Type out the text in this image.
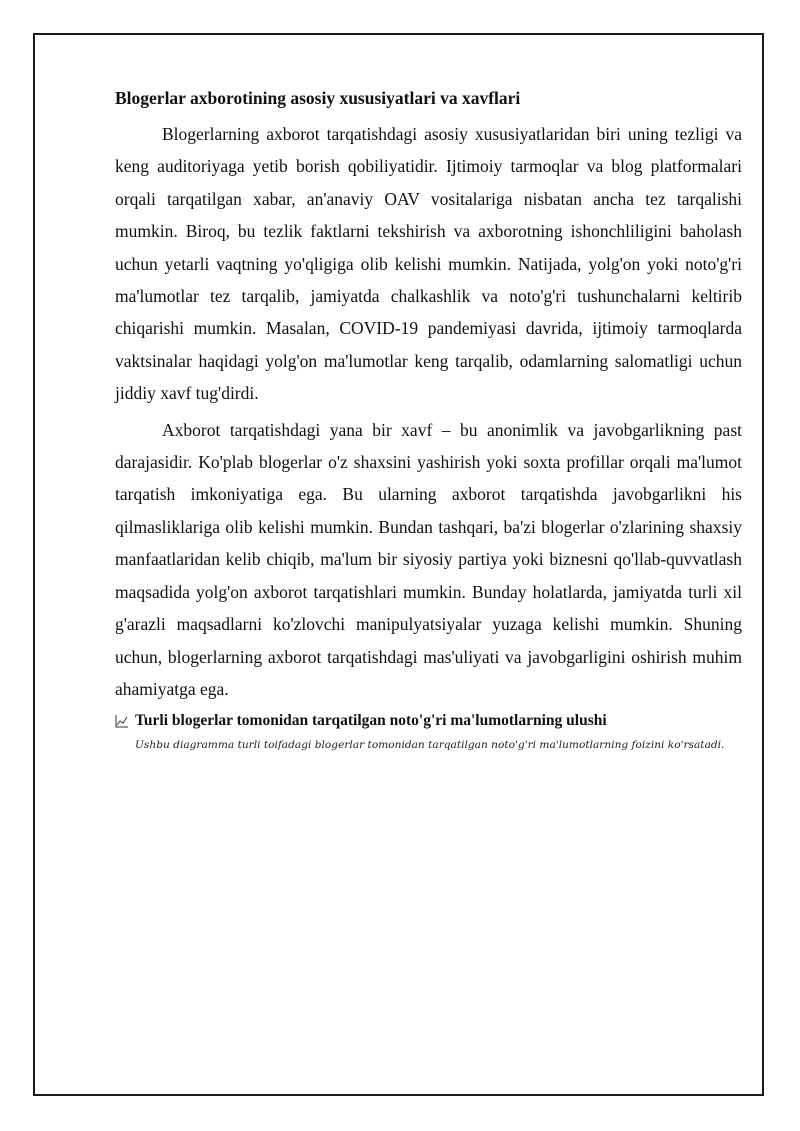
Blogerlar axborotining asosiy xususiyatlari va xavflari

Blogerlarning axborot tarqatishdagi asosiy xususiyatlaridan biri uning tezligi va keng auditoriyaga yetib borish qobiliyatidir. Ijtimoiy tarmoqlar va blog platformalari orqali tarqatilgan xabar, an'anaviy OAV vositalariga nisbatan ancha tez tarqalishi mumkin. Biroq, bu tezlik faktlarni tekshirish va axborotning ishonchliligini baholash uchun yetarli vaqtning yo'qligiga olib kelishi mumkin. Natijada, yolg'on yoki noto'g'ri ma'lumotlar tez tarqalib, jamiyatda chalkashlik va noto'g'ri tushunchalarni keltirib chiqarishi mumkin. Masalan, COVID-19 pandemiyasi davrida, ijtimoiy tarmoqlarda vaktsinalar haqidagi yolg'on ma'lumotlar keng tarqalib, odamlarning salomatligi uchun jiddiy xavf tug'dirdi.

Axborot tarqatishdagi yana bir xavf – bu anonimlik va javobgarlikning past darajasidir. Ko'plab blogerlar o'z shaxsini yashirish yoki soxta profillar orqali ma'lumot tarqatish imkoniyatiga ega. Bu ularning axborot tarqatishda javobgarlikni his qilmasliklariga olib kelishi mumkin. Bundan tashqari, ba'zi blogerlar o'zlarining shaxsiy manfaatlaridan kelib chiqib, ma'lum bir siyosiy partiya yoki biznesni qo'llab-quvvatlash maqsadida yolg'on axborot tarqatishlari mumkin. Bunday holatlarda, jamiyatda turli xil g'arazli maqsadlarni ko'zlovchi manipulyatsiyalar yuzaga kelishi mumkin. Shuning uchun, blogerlarning axborot tarqatishdagi mas'uliyati va javobgarligini oshirish muhim ahamiyatga ega.

Turli blogerlar tomonidan tarqatilgan noto'g'ri ma'lumotlarning ulushi
Ushbu diagramma turli toifadagi blogerlar tomonidan tarqatilgan noto'g'ri ma'lumotlarning foizini ko'rsatadi.
